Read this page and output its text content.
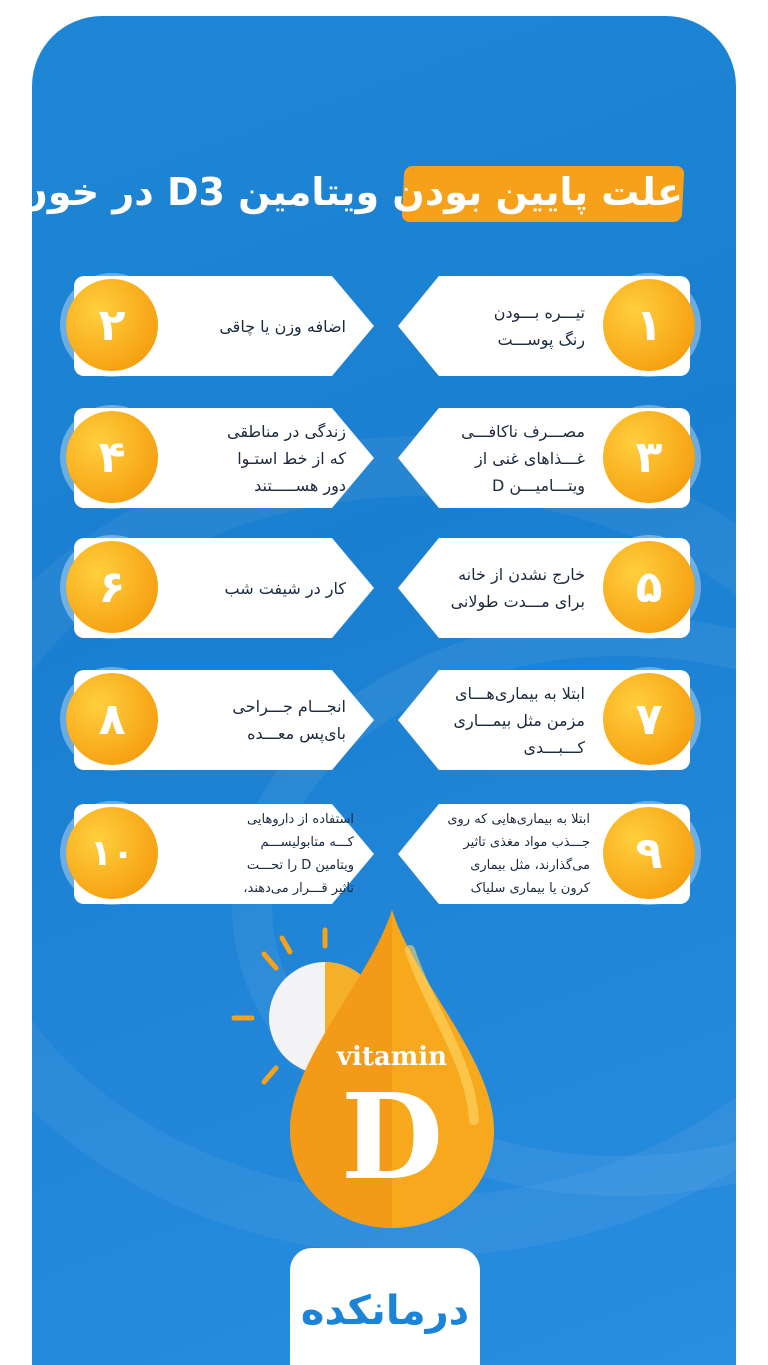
علت پایین بودن ویتامین D3 در خون
۱
تیـــره بـــودن
رنگ پوســـت
۲	اضافه وزن یا چاقی
۳
مصـــرف ناکافـــی
غـــذاهای غنی از
ویتـــامیـــن D
۴
زندگی در مناطقی
که از خط استـوا
دور هســـــتند
۵
خارج نشدن از خانه
برای مـــدت طولانی
۶	کار در شیفت شب
۷
ابتلا به بیماری‌هـــای
مزمن مثل بیمـــاری
کـــبـــدی
۸	انجـــام جـــراحی
بای‌پس معـــده
۹
ابتلا به بیماری‌هایی که روی
جـــذب مواد مغذی تاثیر
می‌گذارند، مثل بیماری
کرون یا بیماری سلیاک
۱۰
استفاده از داروهایی
کـــه متابولیســـم
ویتامین D را تحـــت
تاثیر قـــرار می‌دهند،
vitamin
D
درمانکده
